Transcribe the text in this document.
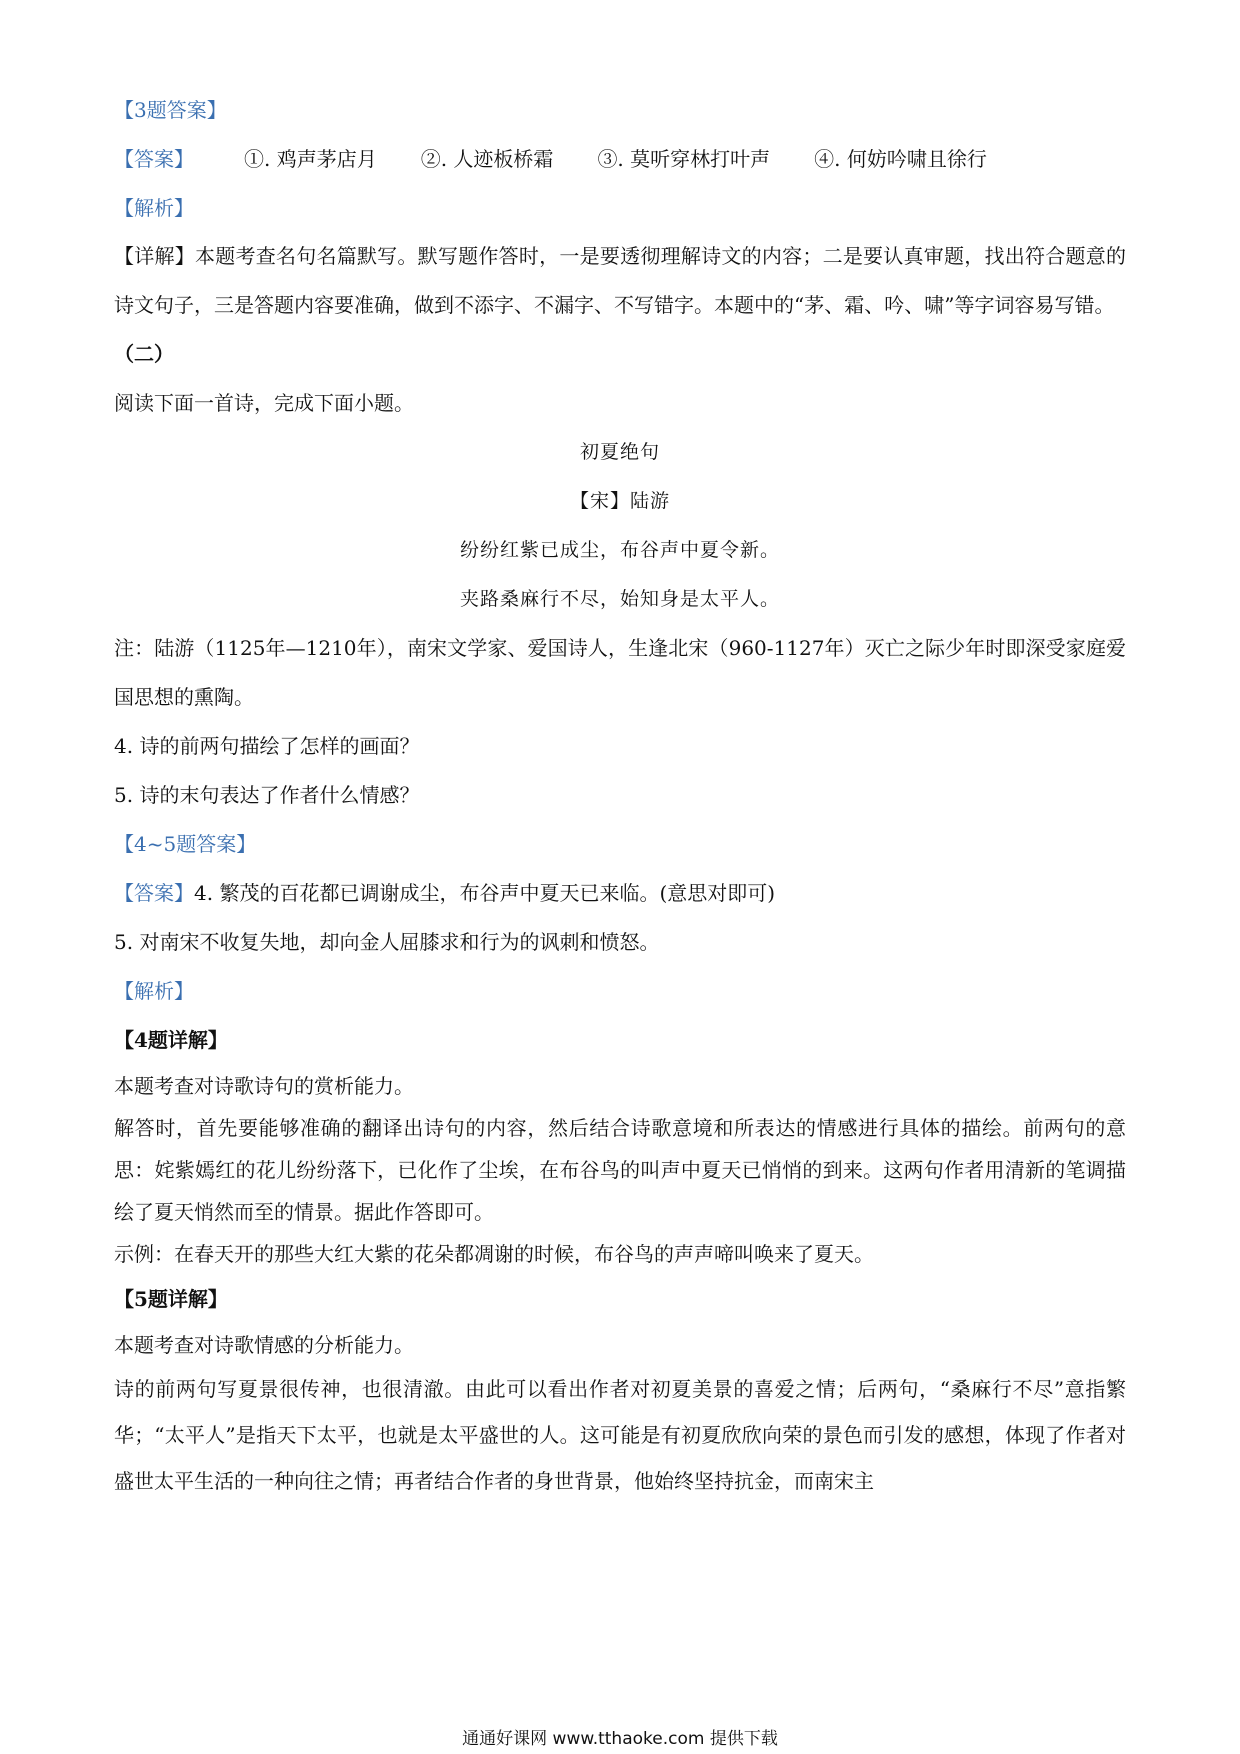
【3题答案】

【答案】	①. 鸡声茅店月 ②. 人迹板桥霜 ③. 莫听穿林打叶声 ④. 何妨吟啸且徐行

【解析】

【详解】本题考查名句名篇默写。默写题作答时，一是要透彻理解诗文的内容；二是要认真审题，找出符合题意的诗文句子，三是答题内容要准确，做到不添字、不漏字、不写错字。本题中的“茅、霜、吟、啸”等字词容易写错。

（二）

阅读下面一首诗，完成下面小题。

初夏绝句

【宋】陆游

纷纷红紫已成尘，布谷声中夏令新。

夹路桑麻行不尽，始知身是太平人。

注：陆游（1125年—1210年），南宋文学家、爱国诗人，生逢北宋（960-1127年）灭亡之际少年时即深受家庭爱国思想的熏陶。

4. 诗的前两句描绘了怎样的画面？

5. 诗的末句表达了作者什么情感？

【4~5题答案】

【答案】4. 繁茂的百花都已调谢成尘，布谷声中夏天已来临。(意思对即可)

5. 对南宋不收复失地，却向金人屈膝求和行为的讽刺和愤怒。

【解析】

【4题详解】

本题考查对诗歌诗句的赏析能力。

解答时，首先要能够准确的翻译出诗句的内容，然后结合诗歌意境和所表达的情感进行具体的描绘。前两句的意思：姹紫嫣红的花儿纷纷落下，已化作了尘埃，在布谷鸟的叫声中夏天已悄悄的到来。这两句作者用清新的笔调描绘了夏天悄然而至的情景。据此作答即可。

示例：在春天开的那些大红大紫的花朵都凋谢的时候，布谷鸟的声声啼叫唤来了夏天。

【5题详解】

本题考查对诗歌情感的分析能力。

诗的前两句写夏景很传神，也很清澈。由此可以看出作者对初夏美景的喜爱之情；后两句，“桑麻行不尽”意指繁华；“太平人”是指天下太平，也就是太平盛世的人。这可能是有初夏欣欣向荣的景色而引发的感想，体现了作者对盛世太平生活的一种向往之情；再者结合作者的身世背景，他始终坚持抗金，而南宋主

通通好课网 www.tthaoke.com 提供下载
